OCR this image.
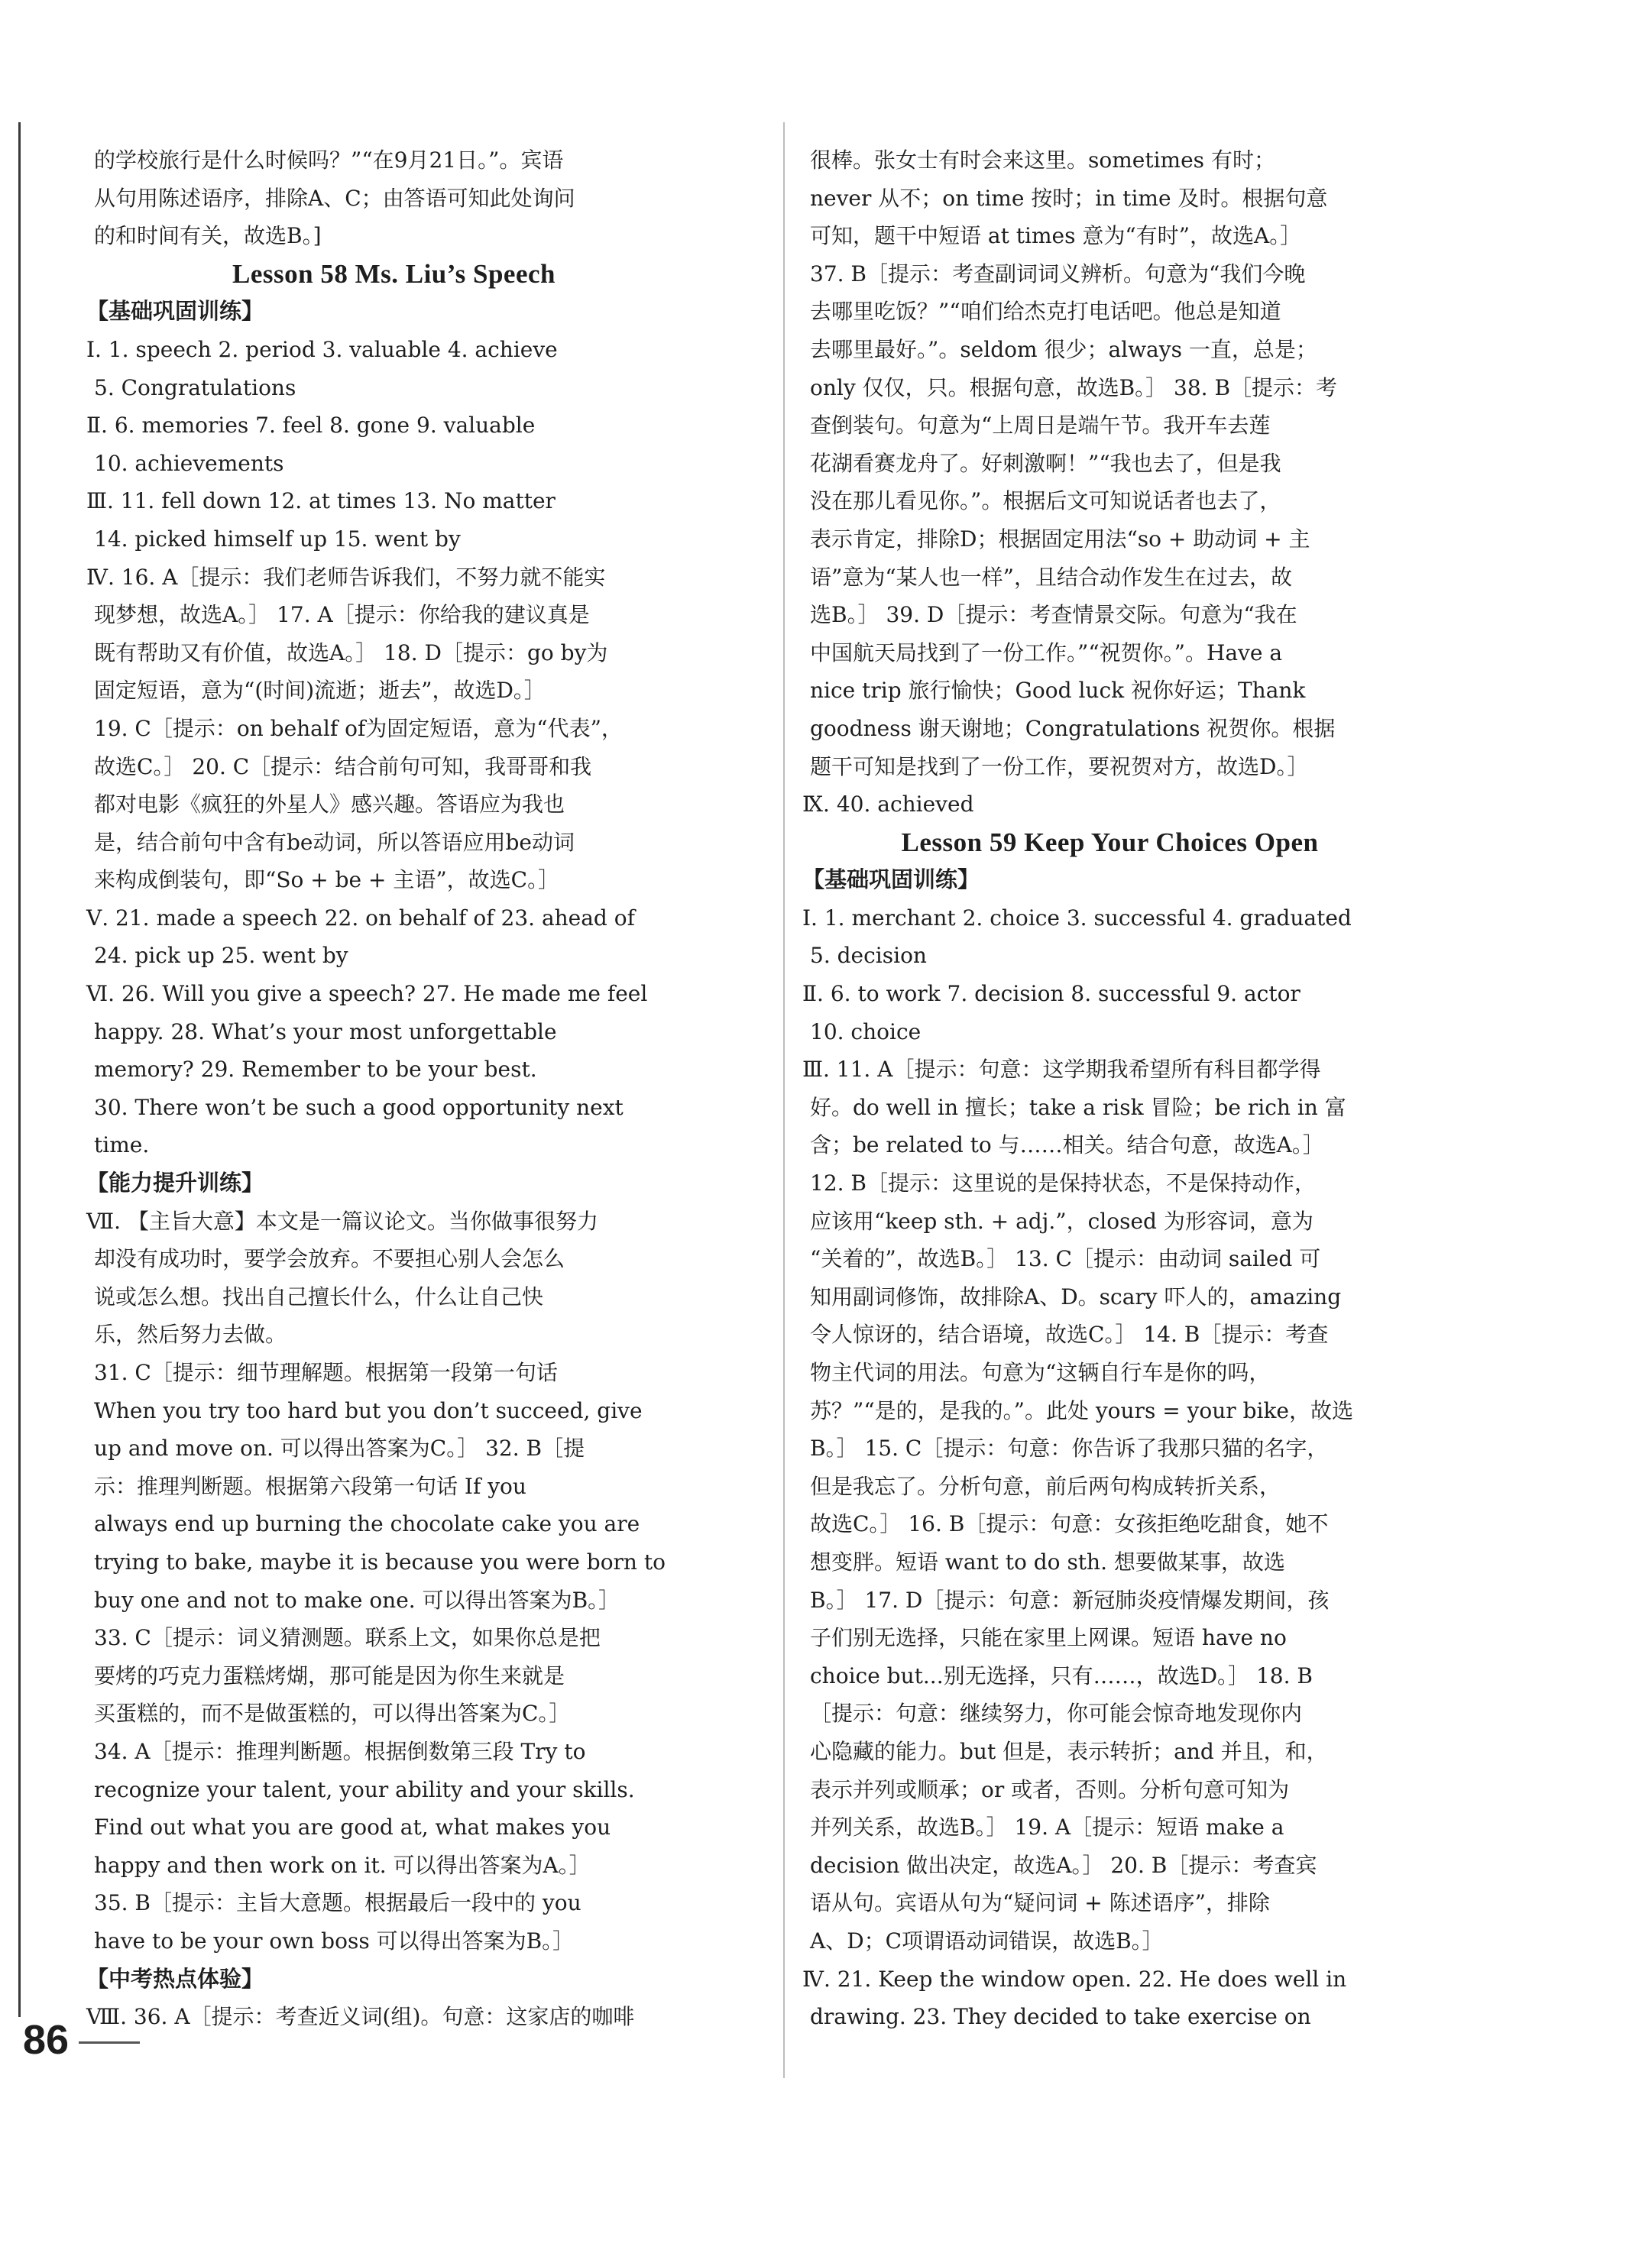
的学校旅行是什么时候吗？”“在9月21日。”。宾语

从句用陈述语序，排除A、C；由答语可知此处询问

的和时间有关，故选B。]

Lesson 58 Ms. Liu’s Speech

【基础巩固训练】

Ⅰ. 1. speech 2. period 3. valuable 4. achieve

5. Congratulations

Ⅱ. 6. memories 7. feel 8. gone 9. valuable

10. achievements

Ⅲ. 11. fell down 12. at times 13. No matter

14. picked himself up 15. went by

Ⅳ. 16. A［提示：我们老师告诉我们，不努力就不能实

现梦想，故选A。］ 17. A［提示：你给我的建议真是

既有帮助又有价值，故选A。］ 18. D［提示：go by为

固定短语，意为“(时间)流逝；逝去”，故选D。］

19. C［提示：on behalf of为固定短语，意为“代表”，

故选C。］ 20. C［提示：结合前句可知，我哥哥和我

都对电影《疯狂的外星人》感兴趣。答语应为我也

是，结合前句中含有be动词，所以答语应用be动词

来构成倒装句，即“So + be + 主语”，故选C。］

Ⅴ. 21. made a speech 22. on behalf of 23. ahead of

24. pick up 25. went by

Ⅵ. 26. Will you give a speech? 27. He made me feel

happy. 28. What’s your most unforgettable

memory? 29. Remember to be your best.

30. There won’t be such a good opportunity next

time.

【能力提升训练】

Ⅶ. 【主旨大意】本文是一篇议论文。当你做事很努力

却没有成功时，要学会放弃。不要担心别人会怎么

说或怎么想。找出自己擅长什么，什么让自己快

乐，然后努力去做。

31. C［提示：细节理解题。根据第一段第一句话

When you try too hard but you don’t succeed, give

up and move on. 可以得出答案为C。］ 32. B［提

示：推理判断题。根据第六段第一句话 If you

always end up burning the chocolate cake you are

trying to bake, maybe it is because you were born to

buy one and not to make one. 可以得出答案为B。］

33. C［提示：词义猜测题。联系上文，如果你总是把

要烤的巧克力蛋糕烤煳，那可能是因为你生来就是

买蛋糕的，而不是做蛋糕的，可以得出答案为C。］

34. A［提示：推理判断题。根据倒数第三段 Try to

recognize your talent, your ability and your skills.

Find out what you are good at, what makes you

happy and then work on it. 可以得出答案为A。］

35. B［提示：主旨大意题。根据最后一段中的 you

have to be your own boss 可以得出答案为B。］

【中考热点体验】

Ⅷ. 36. A［提示：考查近义词(组)。句意：这家店的咖啡

很棒。张女士有时会来这里。sometimes 有时；

never 从不；on time 按时；in time 及时。根据句意

可知，题干中短语 at times 意为“有时”，故选A。］

37. B［提示：考查副词词义辨析。句意为“我们今晚

去哪里吃饭？”“咱们给杰克打电话吧。他总是知道

去哪里最好。”。seldom 很少；always 一直，总是；

only 仅仅，只。根据句意，故选B。］ 38. B［提示：考

查倒装句。句意为“上周日是端午节。我开车去莲

花湖看赛龙舟了。好刺激啊！”“我也去了，但是我

没在那儿看见你。”。根据后文可知说话者也去了，

表示肯定，排除D；根据固定用法“so + 助动词 + 主

语”意为“某人也一样”，且结合动作发生在过去，故

选B。］ 39. D［提示：考查情景交际。句意为“我在

中国航天局找到了一份工作。”“祝贺你。”。Have a

nice trip 旅行愉快；Good luck 祝你好运；Thank

goodness 谢天谢地；Congratulations 祝贺你。根据

题干可知是找到了一份工作，要祝贺对方，故选D。］

Ⅸ. 40. achieved

Lesson 59 Keep Your Choices Open

【基础巩固训练】

Ⅰ. 1. merchant 2. choice 3. successful 4. graduated

5. decision

Ⅱ. 6. to work 7. decision 8. successful 9. actor

10. choice

Ⅲ. 11. A［提示：句意：这学期我希望所有科目都学得

好。do well in 擅长；take a risk 冒险；be rich in 富

含；be related to 与……相关。结合句意，故选A。］

12. B［提示：这里说的是保持状态，不是保持动作，

应该用“keep sth. + adj.”，closed 为形容词，意为

“关着的”，故选B。］ 13. C［提示：由动词 sailed 可

知用副词修饰，故排除A、D。scary 吓人的，amazing

令人惊讶的，结合语境，故选C。］ 14. B［提示：考查

物主代词的用法。句意为“这辆自行车是你的吗，

苏？”“是的，是我的。”。此处 yours = your bike，故选

B。］ 15. C［提示：句意：你告诉了我那只猫的名字，

但是我忘了。分析句意，前后两句构成转折关系，

故选C。］ 16. B［提示：句意：女孩拒绝吃甜食，她不

想变胖。短语 want to do sth. 想要做某事，故选

B。］ 17. D［提示：句意：新冠肺炎疫情爆发期间，孩

子们别无选择，只能在家里上网课。短语 have no

choice but...别无选择，只有……，故选D。］ 18. B

［提示：句意：继续努力，你可能会惊奇地发现你内

心隐藏的能力。but 但是，表示转折；and 并且，和，

表示并列或顺承；or 或者，否则。分析句意可知为

并列关系，故选B。］ 19. A［提示：短语 make a

decision 做出决定，故选A。］ 20. B［提示：考查宾

语从句。宾语从句为“疑问词 + 陈述语序”，排除

A、D；C项谓语动词错误，故选B。］

Ⅳ. 21. Keep the window open. 22. He does well in

drawing. 23. They decided to take exercise on

86
